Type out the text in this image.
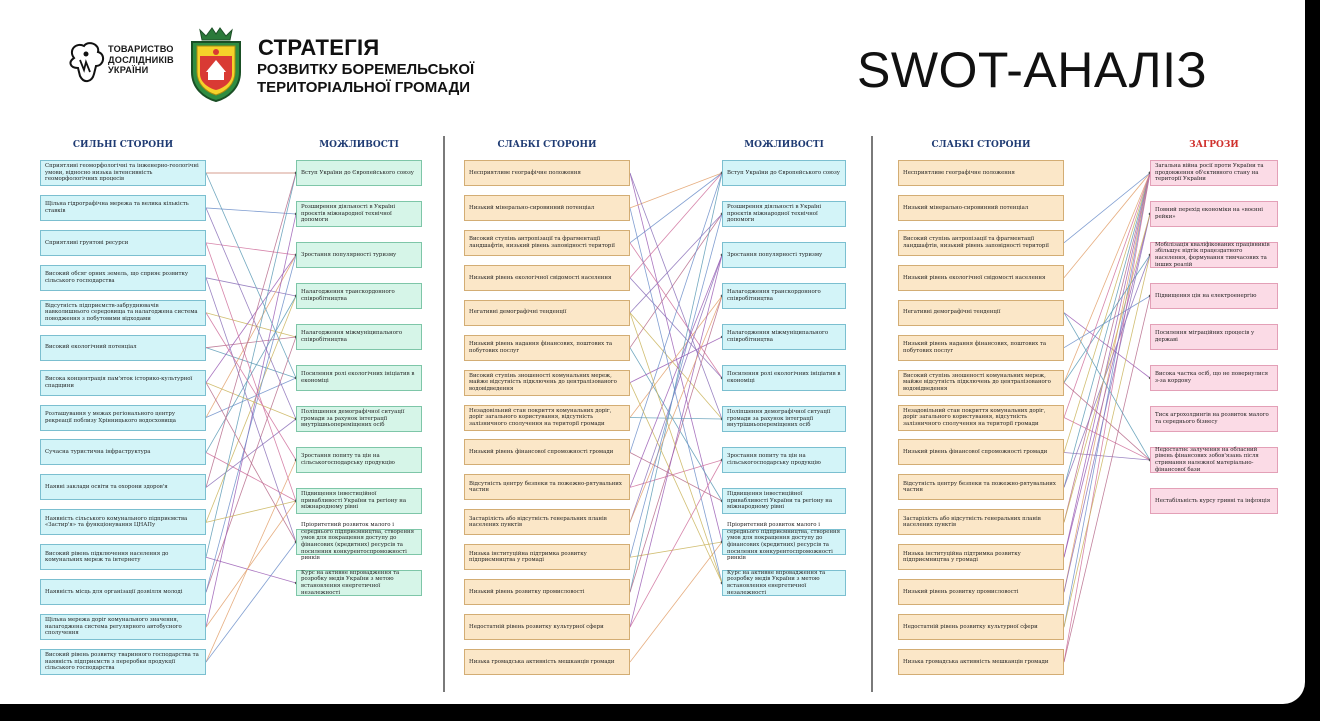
ТОВАРИСТВО ДОСЛІДНИКІВ УКРАЇНИ
СТРАТЕГІЯ
РОЗВИТКУ БОРЕМЕЛЬСЬКОЇ ТЕРИТОРІАЛЬНОЇ ГРОМАДИ	SWOT-АНАЛІЗ
СИЛЬНІ СТОРОНИ	МОЖЛИВОСТІ
Сприятливі геоморфологічні та інженерно-геологічні умови, відносно низька інтенсивність геоморфологічних процесів
Щільна гідрографічна мережа та велика кількість ставків
Сприятливі грунтові ресурси
Високий обсяг орних земель, що сприяє розвитку сільського господарства
Відсутність підприємств-забруднювачів навколишнього середовища та налагоджена система поводження з побутовими відходами
Високий екологічний потенціал
Висока концентрація пам'яток історико-культурної спадщини
Розташування у межах регіонального центру рекреації поблизу Хрінницького водосховища
Сучасна туристична інфраструктура
Наявні заклади освіти та охорони здоров'я
Наявність сільського комунального підприємства «Застир'я» та функціонування ЦНАПу
Високий рівень підключення населення до комунальних мереж та інтернету
Наявність місць для організації дозвілля молоді
Щільна мережа доріг комунального значення, налагоджена система регулярного автобусного сполучення
Високий рівень розвитку тваринного господарства та наявність підприємств з переробки продукції сільського господарства
Вступ України до Європейського союзу
Розширення діяльності в Україні проєктів міжнародної технічної допомоги
Зростання популярності туризму
Налагодження транскордонного співробітництва
Налагодження міжмуніципального співробітництва
Посилення ролі екологічних ініціатив в економіці
Поліпшення демографічної ситуації громади за рахунок інтеграції внутрішньопереміщених осіб
Зростання попиту та цін на сільськогосподарську продукцію
Підвищення інвестиційної привабливості України та регіону на міжнародному рівні
Пріоритетний розвиток малого і середнього підприємництва, створення умов для покращення доступу до фінансових (кредитних) ресурсів та посилення конкурентоспроможності ринків
Курс на активне впровадження та розробку медів України з метою встановлення енергетичної незалежності
СЛАБКІ СТОРОНИ	МОЖЛИВОСТІ
Несприятливе географічне положення
Низький мінерально-сировинний потенціал
Високий ступінь антропізації та фрагментації ландшафтів, низький рівень заповідності території
Низький рівень екологічної свідомості населення
Негативні демографічні тенденції
Низький рівень надання фінансових, поштових та побутових послуг
Високий ступінь зношеності комунальних мереж, майже відсутність підключень до централізованого водовідведення
Незадовільний стан покриття комунальних доріг, доріг загального користування, відсутність залізничного сполучення на території громади
Низький рівень фінансової спроможності громади
Відсутність центру безпеки та пожежно-рятувальних частин
Застарілість або відсутність генеральних планів населених пунктів
Низька інституційна підтримка розвитку підприємництва у громаді
Низький рівень розвитку промисловості
Недостатній рівень розвитку культурної сфери
Низька громадська активність мешканців громади
Вступ України до Європейського союзу
Розширення діяльності в Україні проєктів міжнародної технічної допомоги
Зростання популярності туризму
Налагодження транскордонного співробітництва
Налагодження міжмуніципального співробітництва
Посилення ролі екологічних ініціатив в економіці
Поліпшення демографічної ситуації громади за рахунок інтеграції внутрішньопереміщених осіб
Зростання попиту та цін на сільськогосподарську продукцію
Підвищення інвестиційної привабливості України та регіону на міжнародному рівні
Пріоритетний розвиток малого і середнього підприємництва, створення умов для покращення доступу до фінансових (кредитних) ресурсів та посилення конкурентоспроможності ринків
Курс на активне впровадження та розробку медів України з метою встановлення енергетичної незалежності
СЛАБКІ СТОРОНИ	ЗАГРОЗИ
Несприятливе географічне положення
Низький мінерально-сировинний потенціал
Високий ступінь антропізації та фрагментації ландшафтів, низький рівень заповідності території
Низький рівень екологічної свідомості населення
Негативні демографічні тенденції
Низький рівень надання фінансових, поштових та побутових послуг
Високий ступінь зношеності комунальних мереж, майже відсутність підключень до централізованого водовідведення
Незадовільний стан покриття комунальних доріг, доріг загального користування, відсутність залізничного сполучення на території громади
Низький рівень фінансової спроможності громади
Відсутність центру безпеки та пожежно-рятувальних частин
Застарілість або відсутність генеральних планів населених пунктів
Низька інституційна підтримка розвитку підприємництва у громаді
Низький рівень розвитку промисловості
Недостатній рівень розвитку культурної сфери
Низька громадська активність мешканців громади
Загальна війна росії проти України та продовження об'єктивного стану на території України
Повний перехід економіки на «воєнні рейки»
Мобілізація кваліфікованих працівників збільшує відтік працездатного населення, формування тимчасових та інших реалій
Підвищення цін на електроенергію
Посилення міграційних процесів у державі
Висока частка осіб, що не повернулися з-за кордону
Тиск агрохолдингів на розвиток малого та середнього бізнесу
Недостатнє залучення на обласний рівень фінансових зобов'язань після стримання належної матеріально-фінансової бази
Нестабільність курсу гривні та інфляція
